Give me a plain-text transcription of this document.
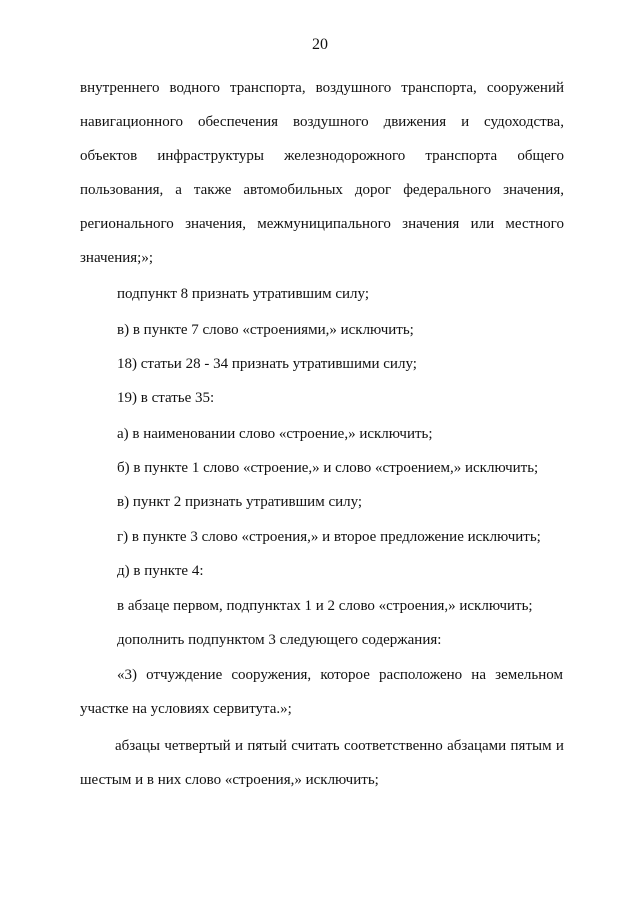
20
внутреннего водного транспорта, воздушного транспорта, сооружений
навигационного обеспечения воздушного движения и судоходства,
объектов инфраструктуры железнодорожного транспорта общего
пользования, а также автомобильных дорог федерального значения,
регионального значения, межмуниципального значения или местного
значения;»;
подпункт 8 признать утратившим силу;
в) в пункте 7 слово «строениями,» исключить;
18) статьи 28 - 34 признать утратившими силу;
19) в статье 35:
а) в наименовании слово «строение,» исключить;
б) в пункте 1 слово «строение,» и слово «строением,» исключить;
в) пункт 2 признать утратившим силу;
г) в пункте 3 слово «строения,» и второе предложение исключить;
д) в пункте 4:
в абзаце первом, подпунктах 1 и 2 слово «строения,» исключить;
дополнить подпунктом 3 следующего содержания:
«3) отчуждение сооружения, которое расположено на земельном
участке на условиях сервитута.»;
абзацы четвертый и пятый считать соответственно абзацами пятым и
шестым и в них слово «строения,» исключить;
